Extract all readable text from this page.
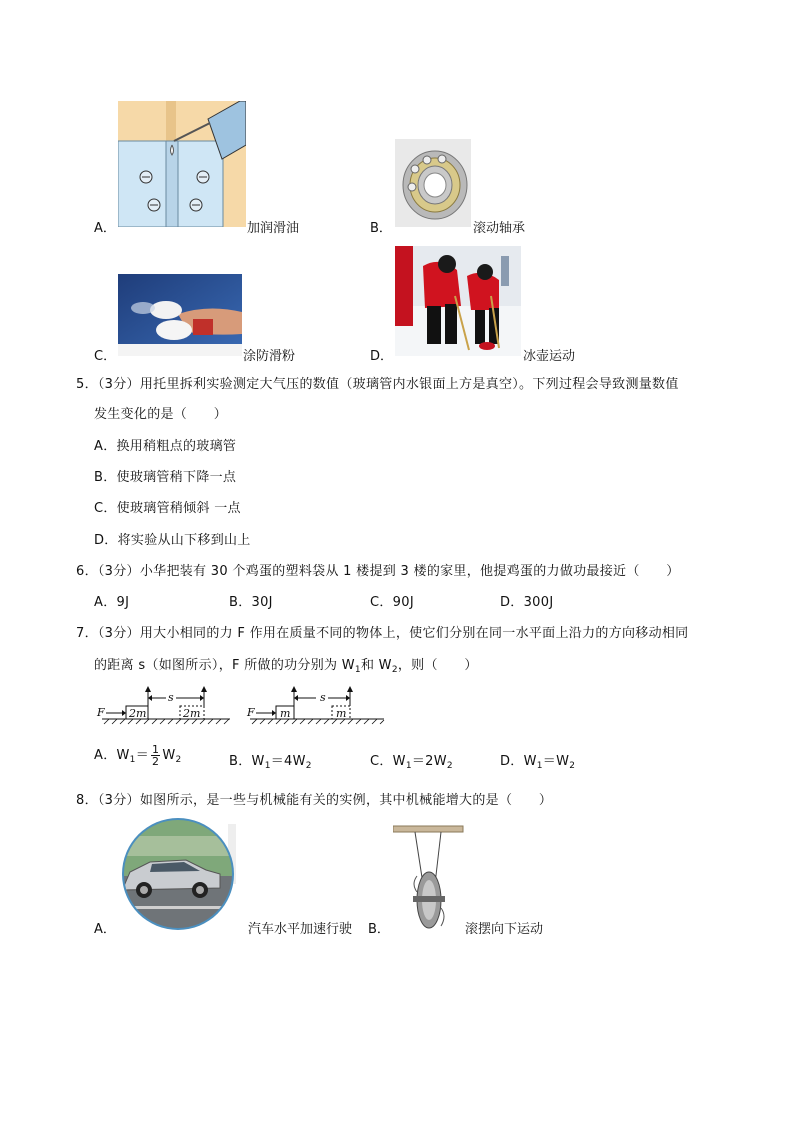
A．	加润滑油	B．	滚动轴承
C．	涂防滑粉	D．	冰壶运动
5．（3分）用托里拆利实验测定大气压的数值（玻璃管内水银面上方是真空）。下列过程会导致测量数值
发生变化的是（　　）
A．换用稍粗点的玻璃管
B．使玻璃管稍下降一点
C．使玻璃管稍倾斜 一点
D．将实验从山下移到山上
6．（3分）小华把装有 30 个鸡蛋的塑料袋从 1 楼提到 3 楼的家里，他提鸡蛋的力做功最接近（　　）
A．9J	B．30J	C．90J	D．300J
7．（3分）用大小相同的力 F 作用在质量不同的物体上，使它们分别在同一水平面上沿力的方向移动相同
的距离 s（如图所示），F 所做的功分别为 $W_1$和 $W_2$，则（　　）
F 2m
s
2m	F m
s
m
A．$W_1= \frac{1}{2} W_2$	B．$W_1=4W_2$	C．$W_1=2W_2$	D．$W_1=W_2$
8．（3分）如图所示，是一些与机械能有关的实例，其中机械能增大的是（　　）
A．	汽车水平加速行驶 B．	滚摆向下运动
